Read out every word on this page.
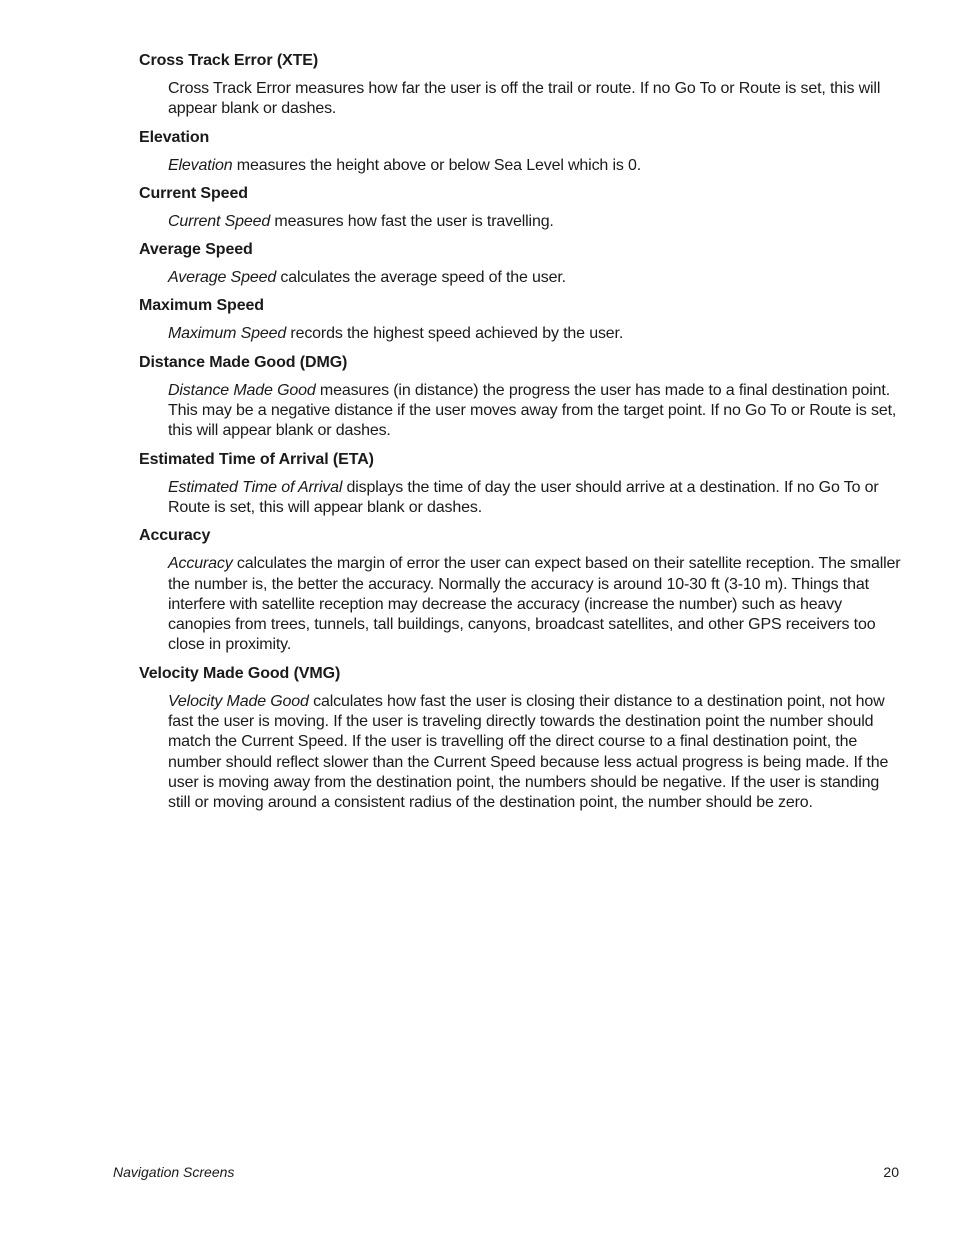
Cross Track Error (XTE)
Cross Track Error measures how far the user is off the trail or route. If no Go To or Route is set, this will appear blank or dashes.
Elevation
Elevation measures the height above or below Sea Level which is 0.
Current Speed
Current Speed measures how fast the user is travelling.
Average Speed
Average Speed calculates the average speed of the user.
Maximum Speed
Maximum Speed records the highest speed achieved by the user.
Distance Made Good (DMG)
Distance Made Good measures (in distance) the progress the user has made to a final destination point. This may be a negative distance if the user moves away from the target point. If no Go To or Route is set, this will appear blank or dashes.
Estimated Time of Arrival (ETA)
Estimated Time of Arrival displays the time of day the user should arrive at a destination. If no Go To or Route is set, this will appear blank or dashes.
Accuracy
Accuracy calculates the margin of error the user can expect based on their satellite reception. The smaller the number is, the better the accuracy. Normally the accuracy is around 10-30 ft (3-10 m). Things that interfere with satellite reception may decrease the accuracy (increase the number) such as heavy canopies from trees, tunnels, tall buildings, canyons, broadcast satellites, and other GPS receivers too close in proximity.
Velocity Made Good (VMG)
Velocity Made Good calculates how fast the user is closing their distance to a destination point, not how fast the user is moving. If the user is traveling directly towards the destination point the number should match the Current Speed. If the user is travelling off the direct course to a final destination point, the number should reflect slower than the Current Speed because less actual progress is being made. If the user is moving away from the destination point, the numbers should be negative. If the user is standing still or moving around a consistent radius of the destination point, the number should be zero.
Navigation Screens	20
